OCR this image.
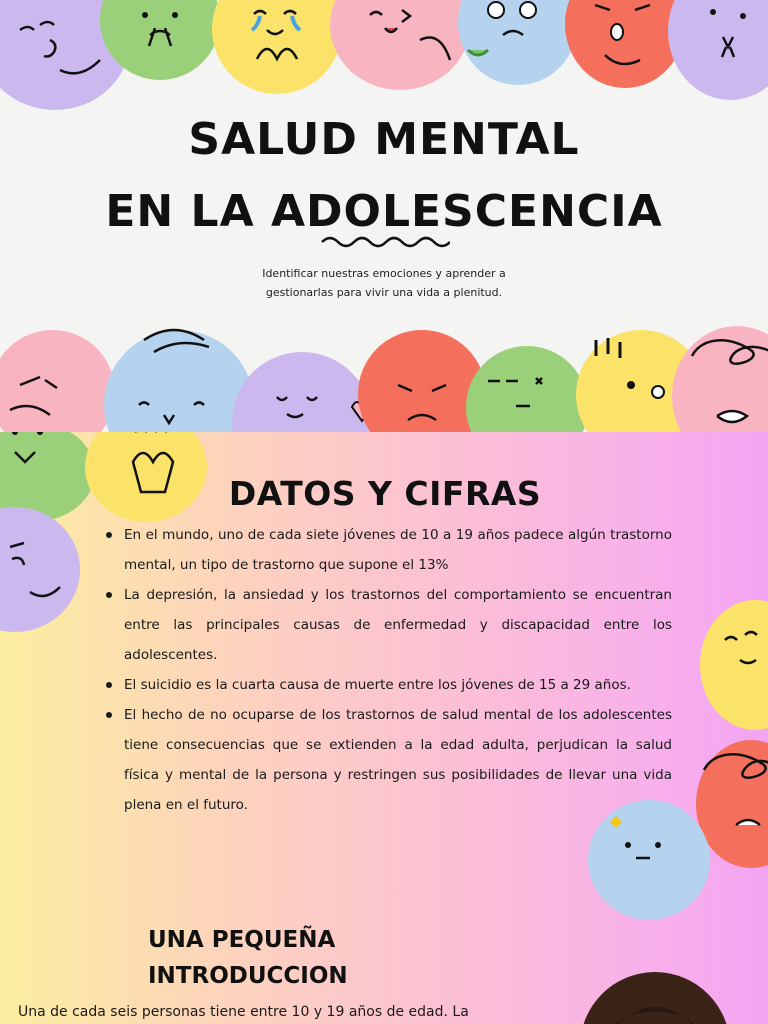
SALUD MENTAL
EN LA ADOLESCENCIA
Identificar nuestras emociones y aprender a gestionarlas para vivir una vida a plenitud.
DATOS Y CIFRAS
En el mundo, uno de cada siete jóvenes de 10 a 19 años padece algún trastorno mental, un tipo de trastorno que supone el 13%
La depresión, la ansiedad y los trastornos del comportamiento se encuentran entre las principales causas de enfermedad y discapacidad entre los adolescentes.
El suicidio es la cuarta causa de muerte entre los jóvenes de 15 a 29 años.
El hecho de no ocuparse de los trastornos de salud mental de los adolescentes tiene consecuencias que se extienden a la edad adulta, perjudican la salud física y mental de la persona y restringen sus posibilidades de llevar una vida plena en el futuro.
UNA PEQUEÑA
INTRODUCCION
Una de cada seis personas tiene entre 10 y 19 años de edad. La
